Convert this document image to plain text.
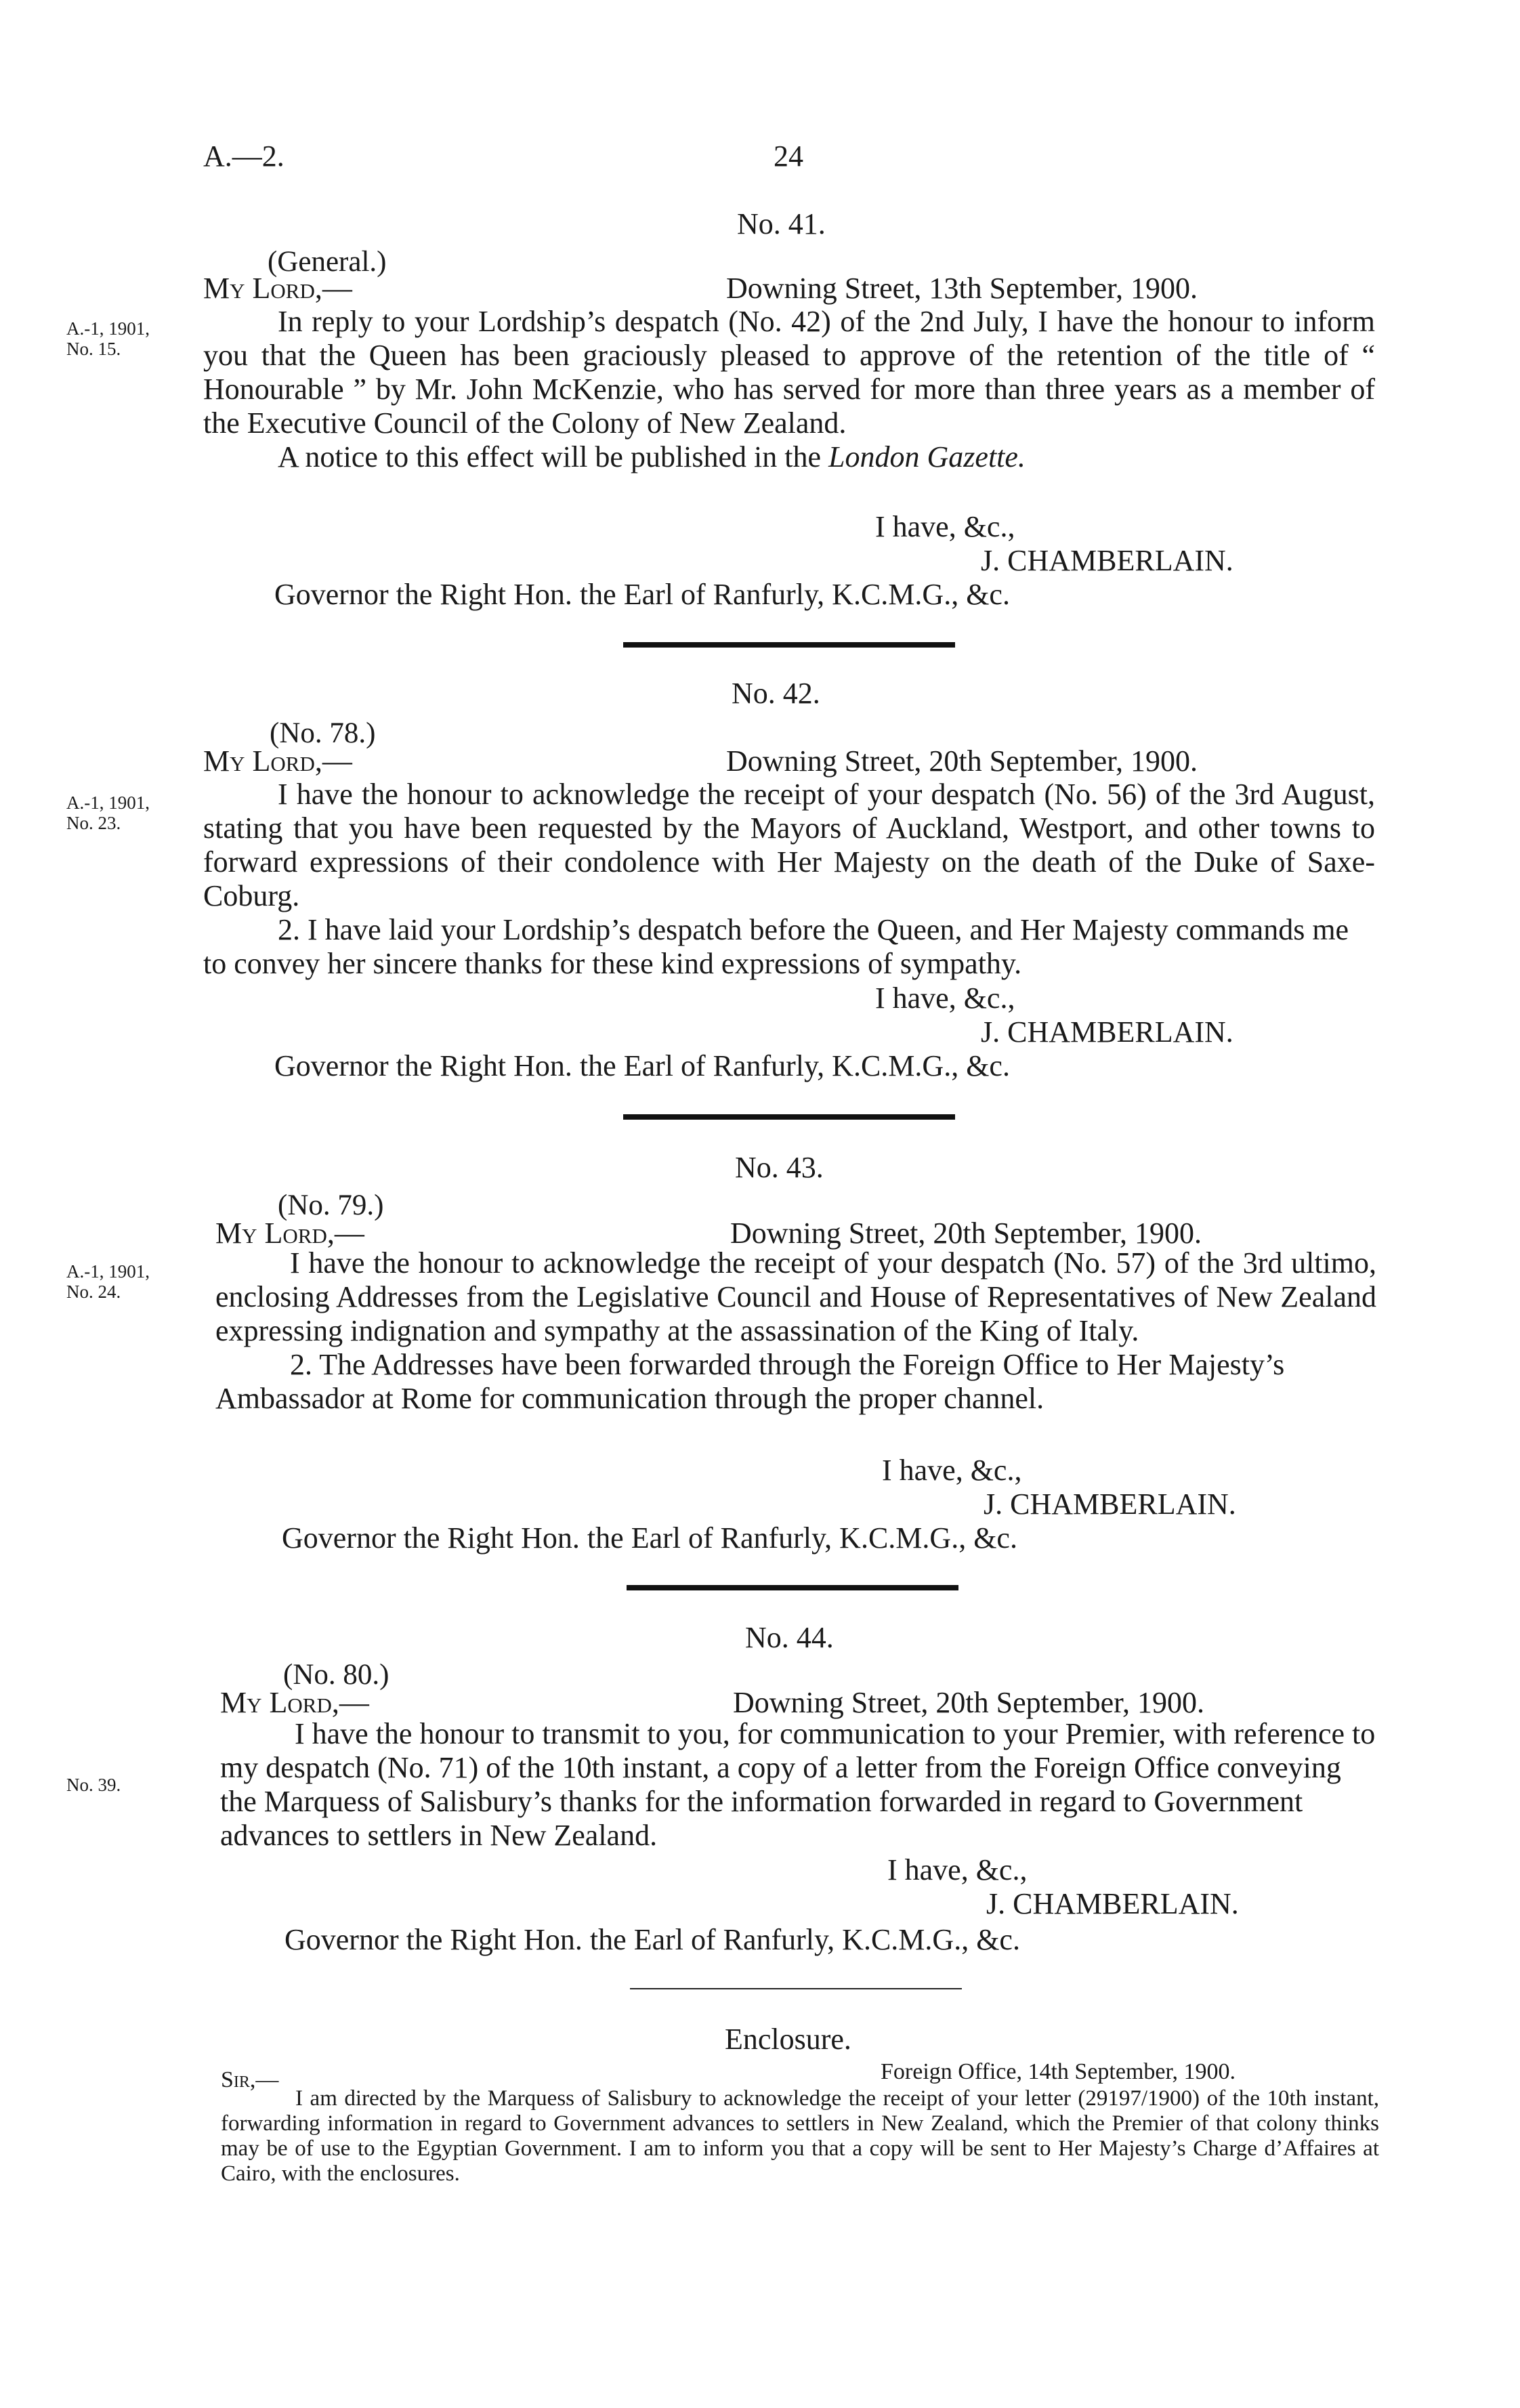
A.—2.	24
No. 41.
(General.)
My Lord,—	Downing Street, 13th September, 1900.
A.-1, 1901,
No. 15.

In reply to your Lordship’s despatch (No. 42) of the 2nd July, I have the honour to inform you that the Queen has been graciously pleased to approve of the retention of the title of “ Honourable ” by Mr. John McKenzie, who has served for more than three years as a member of the Executive Council of the Colony of New Zealand.

A notice to this effect will be published in the London Gazette.

I have, &c.,
J. CHAMBERLAIN.
Governor the Right Hon. the Earl of Ranfurly, K.C.M.G., &c.
No. 42.
(No. 78.)
My Lord,—	Downing Street, 20th September, 1900.
A.-1, 1901,
No. 23.

I have the honour to acknowledge the receipt of your despatch (No. 56) of the 3rd August, stating that you have been requested by the Mayors of Auckland, Westport, and other towns to forward expressions of their condolence with Her Majesty on the death of the Duke of Saxe-Coburg.

2. I have laid your Lordship’s despatch before the Queen, and Her Majesty commands me to convey her sincere thanks for these kind expressions of sympathy.

I have, &c.,
J. CHAMBERLAIN.
Governor the Right Hon. the Earl of Ranfurly, K.C.M.G., &c.
No. 43.
(No. 79.)
My Lord,—	Downing Street, 20th September, 1900.
A.-1, 1901,
No. 24.

I have the honour to acknowledge the receipt of your despatch (No. 57) of the 3rd ultimo, enclosing Addresses from the Legislative Council and House of Representatives of New Zealand expressing indignation and sympathy at the assassination of the King of Italy.

2. The Addresses have been forwarded through the Foreign Office to Her Majesty’s Ambassador at Rome for communication through the proper channel.

I have, &c.,
J. CHAMBERLAIN.
Governor the Right Hon. the Earl of Ranfurly, K.C.M.G., &c.
No. 44.
(No. 80.)
My Lord,—	Downing Street, 20th September, 1900.
No. 39.

I have the honour to transmit to you, for communication to your Premier, with reference to my despatch (No. 71) of the 10th instant, a copy of a letter from the Foreign Office conveying the Marquess of Salisbury’s thanks for the information forwarded in regard to Government advances to settlers in New Zealand.

I have, &c.,
J. CHAMBERLAIN.
Governor the Right Hon. the Earl of Ranfurly, K.C.M.G., &c.
Enclosure.
Sir,—	Foreign Office, 14th September, 1900.

I am directed by the Marquess of Salisbury to acknowledge the receipt of your letter (29197/1900) of the 10th instant, forwarding information in regard to Government advances to settlers in New Zealand, which the Premier of that colony thinks may be of use to the Egyptian Government. I am to inform you that a copy will be sent to Her Majesty’s Charge d’Affaires at Cairo, with the enclosures.
